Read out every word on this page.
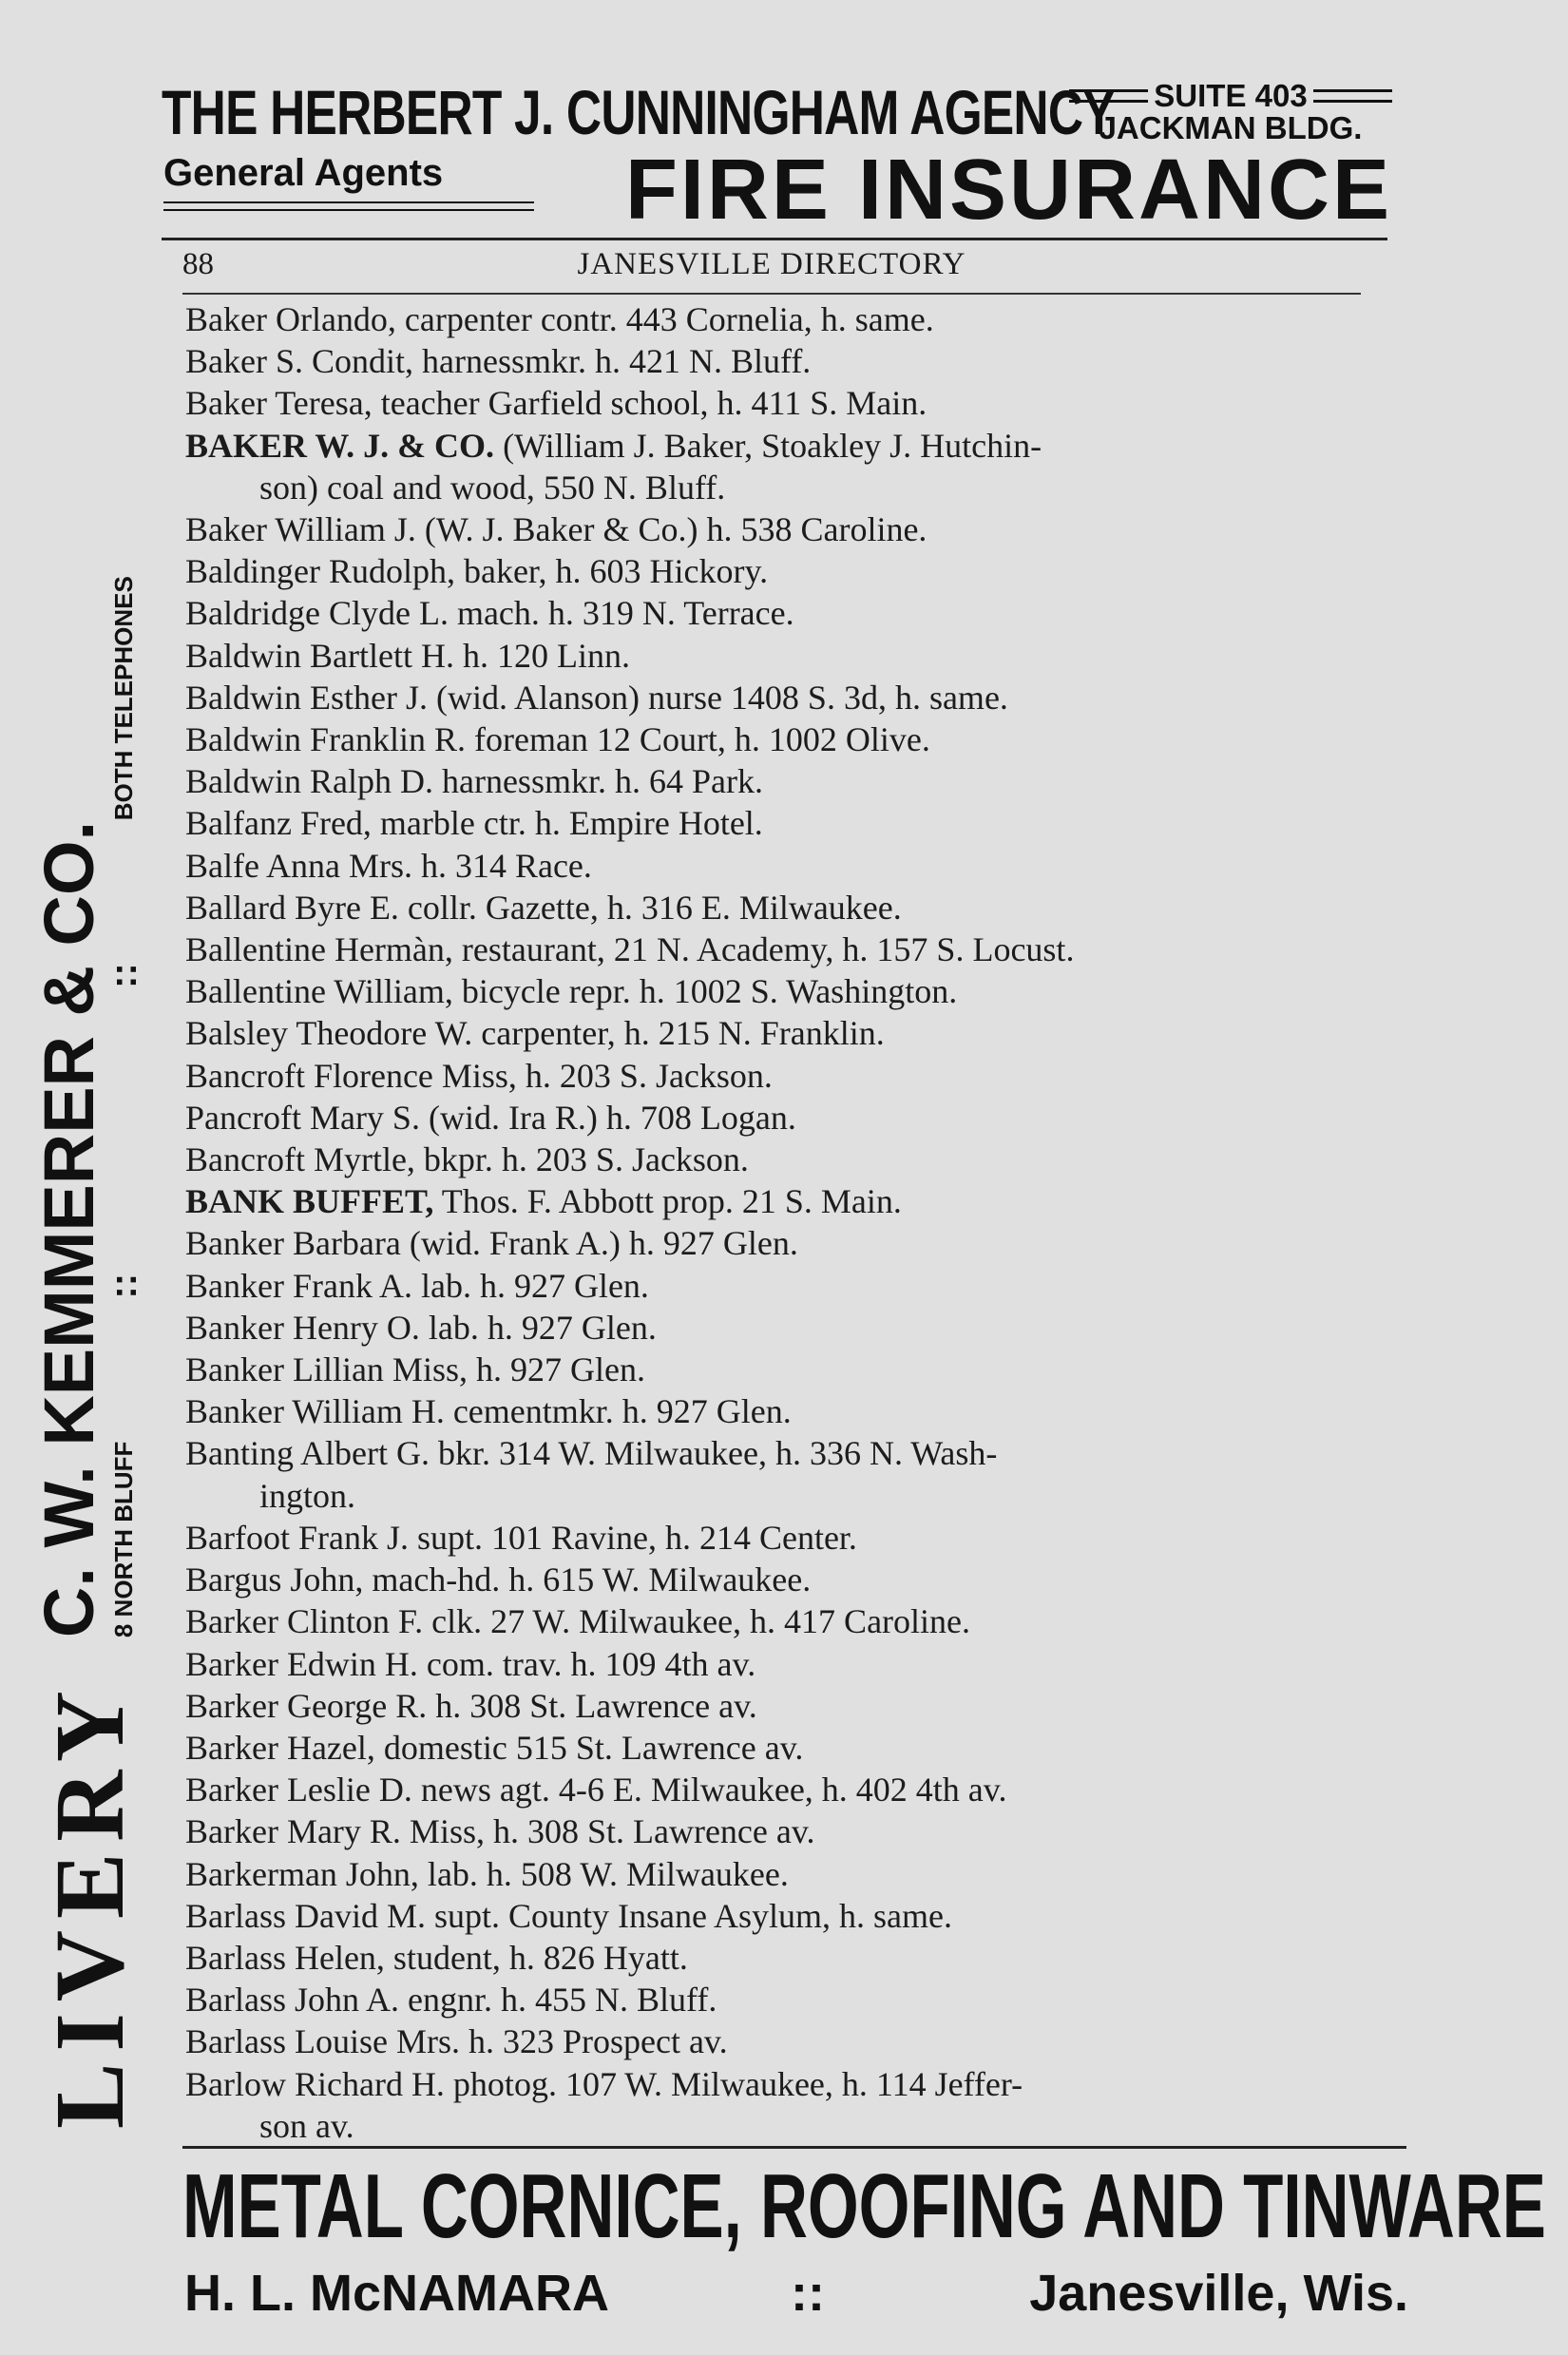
THE HERBERT J. CUNNINGHAM AGENCY SUITE 403
JACKMAN BLDG.
General Agents FIRE INSURANCE
LIVERY
C. W. KEMMERER & CO. 8 NORTH BLUFF
::
::
BOTH TELEPHONES
88	JANESVILLE DIRECTORY
Baker Orlando, carpenter contr. 443 Cornelia, h. same.
Baker S. Condit, harnessmkr. h. 421 N. Bluff.
Baker Teresa, teacher Garfield school, h. 411 S. Main.
BAKER W. J. & CO. (William J. Baker, Stoakley J. Hutchin-
son) coal and wood, 550 N. Bluff.
Baker William J. (W. J. Baker & Co.) h. 538 Caroline.
Baldinger Rudolph, baker, h. 603 Hickory.
Baldridge Clyde L. mach. h. 319 N. Terrace.
Baldwin Bartlett H. h. 120 Linn.
Baldwin Esther J. (wid. Alanson) nurse 1408 S. 3d, h. same.
Baldwin Franklin R. foreman 12 Court, h. 1002 Olive.
Baldwin Ralph D. harnessmkr. h. 64 Park.
Balfanz Fred, marble ctr. h. Empire Hotel.
Balfe Anna Mrs. h. 314 Race.
Ballard Byre E. collr. Gazette, h. 316 E. Milwaukee.
Ballentine Hermàn, restaurant, 21 N. Academy, h. 157 S. Locust.
Ballentine William, bicycle repr. h. 1002 S. Washington.
Balsley Theodore W. carpenter, h. 215 N. Franklin.
Bancroft Florence Miss, h. 203 S. Jackson.
Pancroft Mary S. (wid. Ira R.) h. 708 Logan.
Bancroft Myrtle, bkpr. h. 203 S. Jackson.
BANK BUFFET, Thos. F. Abbott prop. 21 S. Main.
Banker Barbara (wid. Frank A.) h. 927 Glen.
Banker Frank A. lab. h. 927 Glen.
Banker Henry O. lab. h. 927 Glen.
Banker Lillian Miss, h. 927 Glen.
Banker William H. cementmkr. h. 927 Glen.
Banting Albert G. bkr. 314 W. Milwaukee, h. 336 N. Wash-
ington.
Barfoot Frank J. supt. 101 Ravine, h. 214 Center.
Bargus John, mach-hd. h. 615 W. Milwaukee.
Barker Clinton F. clk. 27 W. Milwaukee, h. 417 Caroline.
Barker Edwin H. com. trav. h. 109 4th av.
Barker George R. h. 308 St. Lawrence av.
Barker Hazel, domestic 515 St. Lawrence av.
Barker Leslie D. news agt. 4-6 E. Milwaukee, h. 402 4th av.
Barker Mary R. Miss, h. 308 St. Lawrence av.
Barkerman John, lab. h. 508 W. Milwaukee.
Barlass David M. supt. County Insane Asylum, h. same.
Barlass Helen, student, h. 826 Hyatt.
Barlass John A. engnr. h. 455 N. Bluff.
Barlass Louise Mrs. h. 323 Prospect av.
Barlow Richard H. photog. 107 W. Milwaukee, h. 114 Jeffer-
son av.
METAL CORNICE, ROOFING AND TINWARE
H. L. McNAMARA	::	Janesville, Wis.
